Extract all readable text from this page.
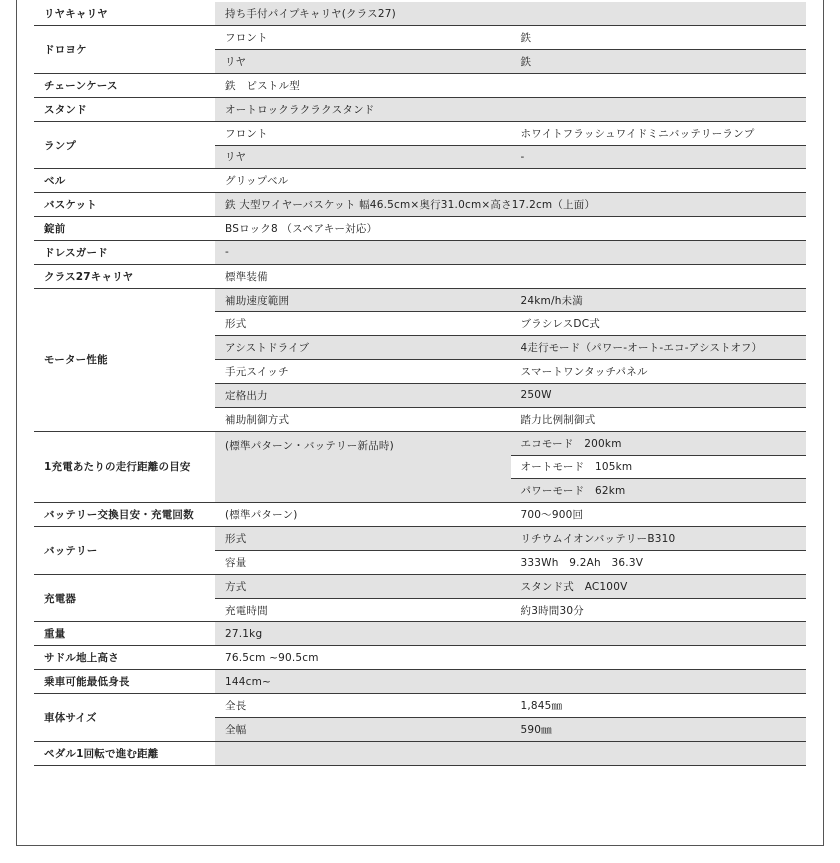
リヤキャリヤ	持ち手付パイプキャリヤ(クラス27)	
ドロヨケ	フロント	鉄
	リヤ	鉄
チェーンケース	鉄　ピストル型	
スタンド	オートロックラクラクスタンド	
ランプ	フロント	ホワイトフラッシュワイドミニバッテリーランプ
	リヤ	-
ベル	グリップベル	
バスケット	鉄 大型ワイヤーバスケット 幅46.5cm×奥行31.0cm×高さ17.2cm（上面）	
錠前	BSロック8 （スペアキー対応）	
ドレスガード	-	
クラス27キャリヤ	標準装備	
モーター性能	補助速度範囲	24km/h未満
	形式	ブラシレスDC式
	アシストドライブ	4走行モード（パワー-オート-エコ-アシストオフ）
	手元スイッチ	スマートワンタッチパネル
	定格出力	250W
	補助制御方式	踏力比例制御式
1充電あたりの走行距離の目安	(標準パターン・バッテリー新品時)	エコモード　200km
		オートモード　105km
		パワーモード　62km
バッテリー交換目安・充電回数	(標準パターン)	700～900回
バッテリー	形式	リチウムイオンバッテリーB310
	容量	333Wh　9.2Ah　36.3V
充電器	方式	スタンド式　AC100V
	充電時間	約3時間30分
重量	27.1kg	
サドル地上高さ	76.5cm ~90.5cm	
乗車可能最低身長	144cm~	
車体サイズ	全長	1,845㎜
	全幅	590㎜
ペダル1回転で進む距離		
